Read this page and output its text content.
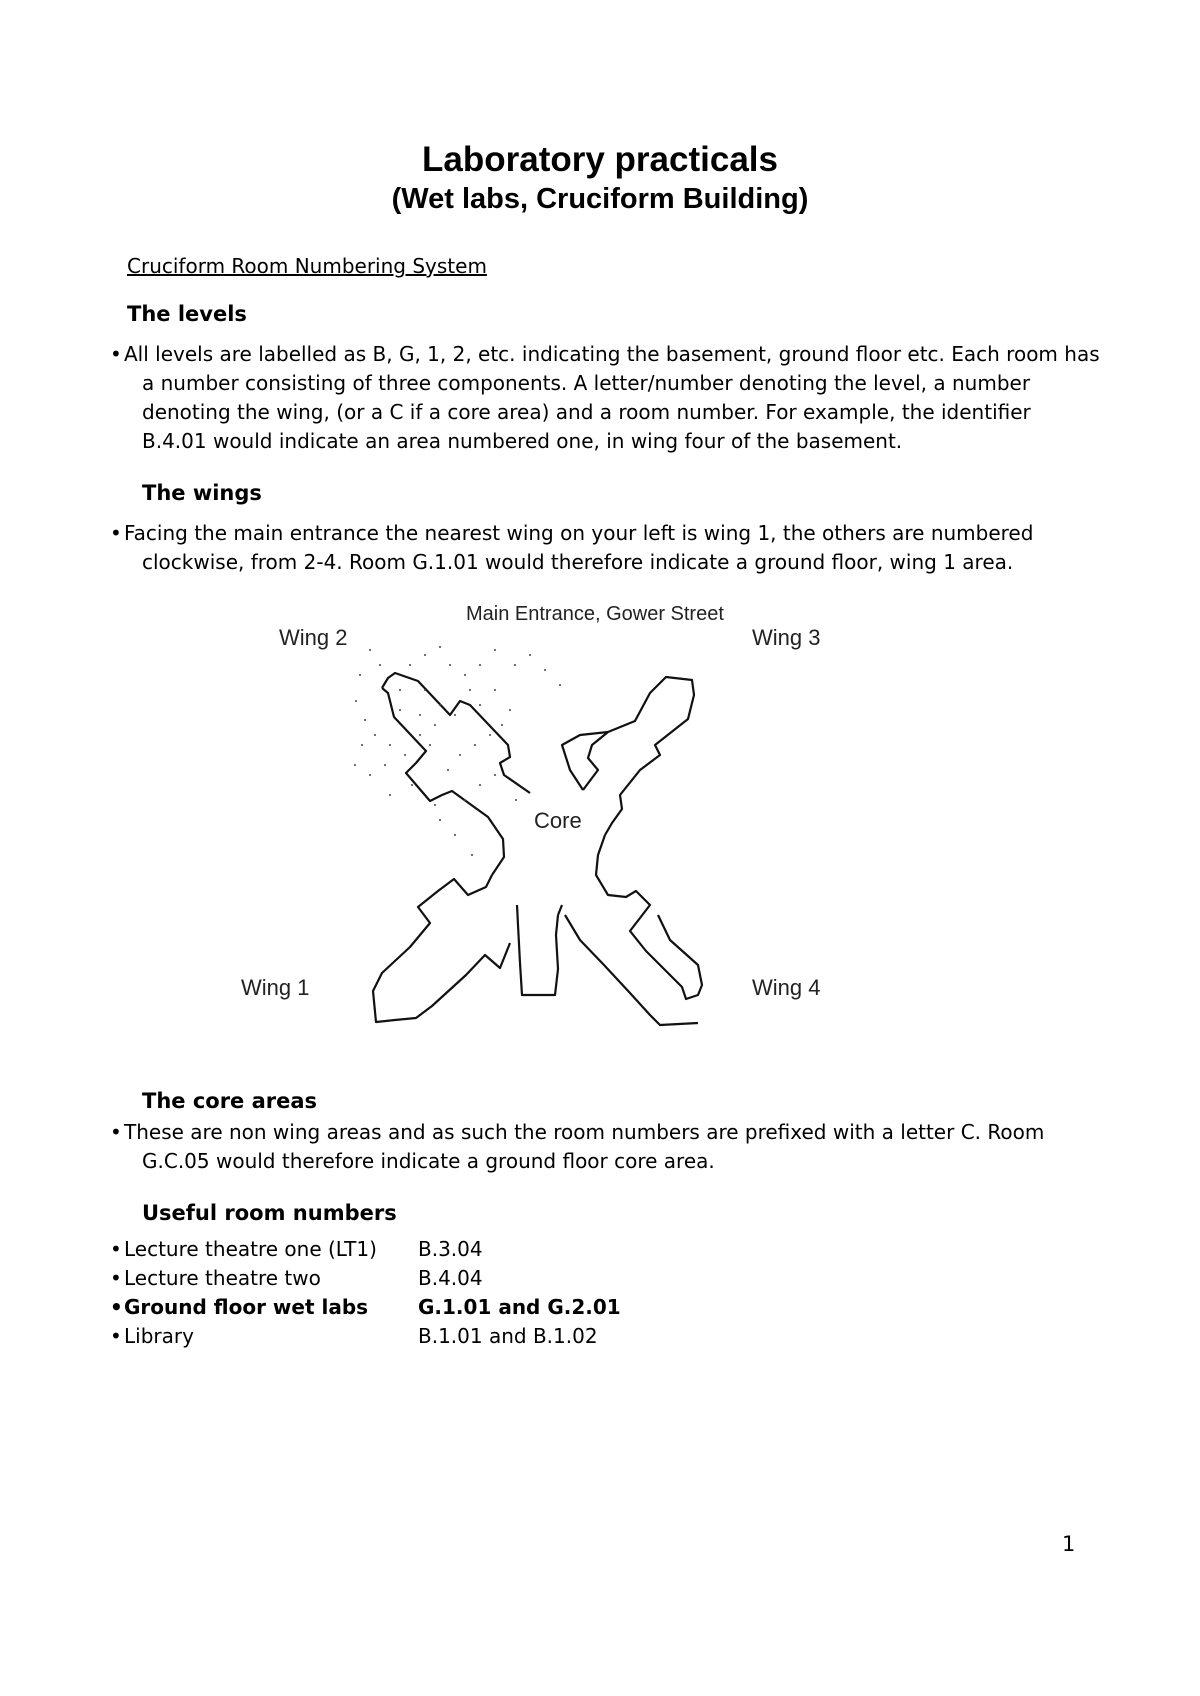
Laboratory practicals
(Wet labs, Cruciform Building)
Cruciform Room Numbering System
The levels
• All levels are labelled as B, G, 1, 2, etc. indicating the basement, ground floor etc. Each room has
a number consisting of three components. A letter/number denoting the level, a number
denoting the wing, (or a C if a core area) and a room number. For example, the identifier
B.4.01 would indicate an area numbered one, in wing four of the basement.
The wings
• Facing the main entrance the nearest wing on your left is wing 1, the others are numbered
clockwise, from 2-4. Room G.1.01 would therefore indicate a ground floor, wing 1 area.
Main Entrance, Gower Street
Wing 2	Wing 3
Wing 1	Wing 4
Core
The core areas
• These are non wing areas and as such the room numbers are prefixed with a letter C. Room
G.C.05 would therefore indicate a ground floor core area.
Useful room numbers
• Lecture theatre one (LT1) B.3.04
• Lecture theatre two	B.4.04
•Ground floor wet labs G.1.01 and G.2.01
• Library	B.1.01 and B.1.02
1
